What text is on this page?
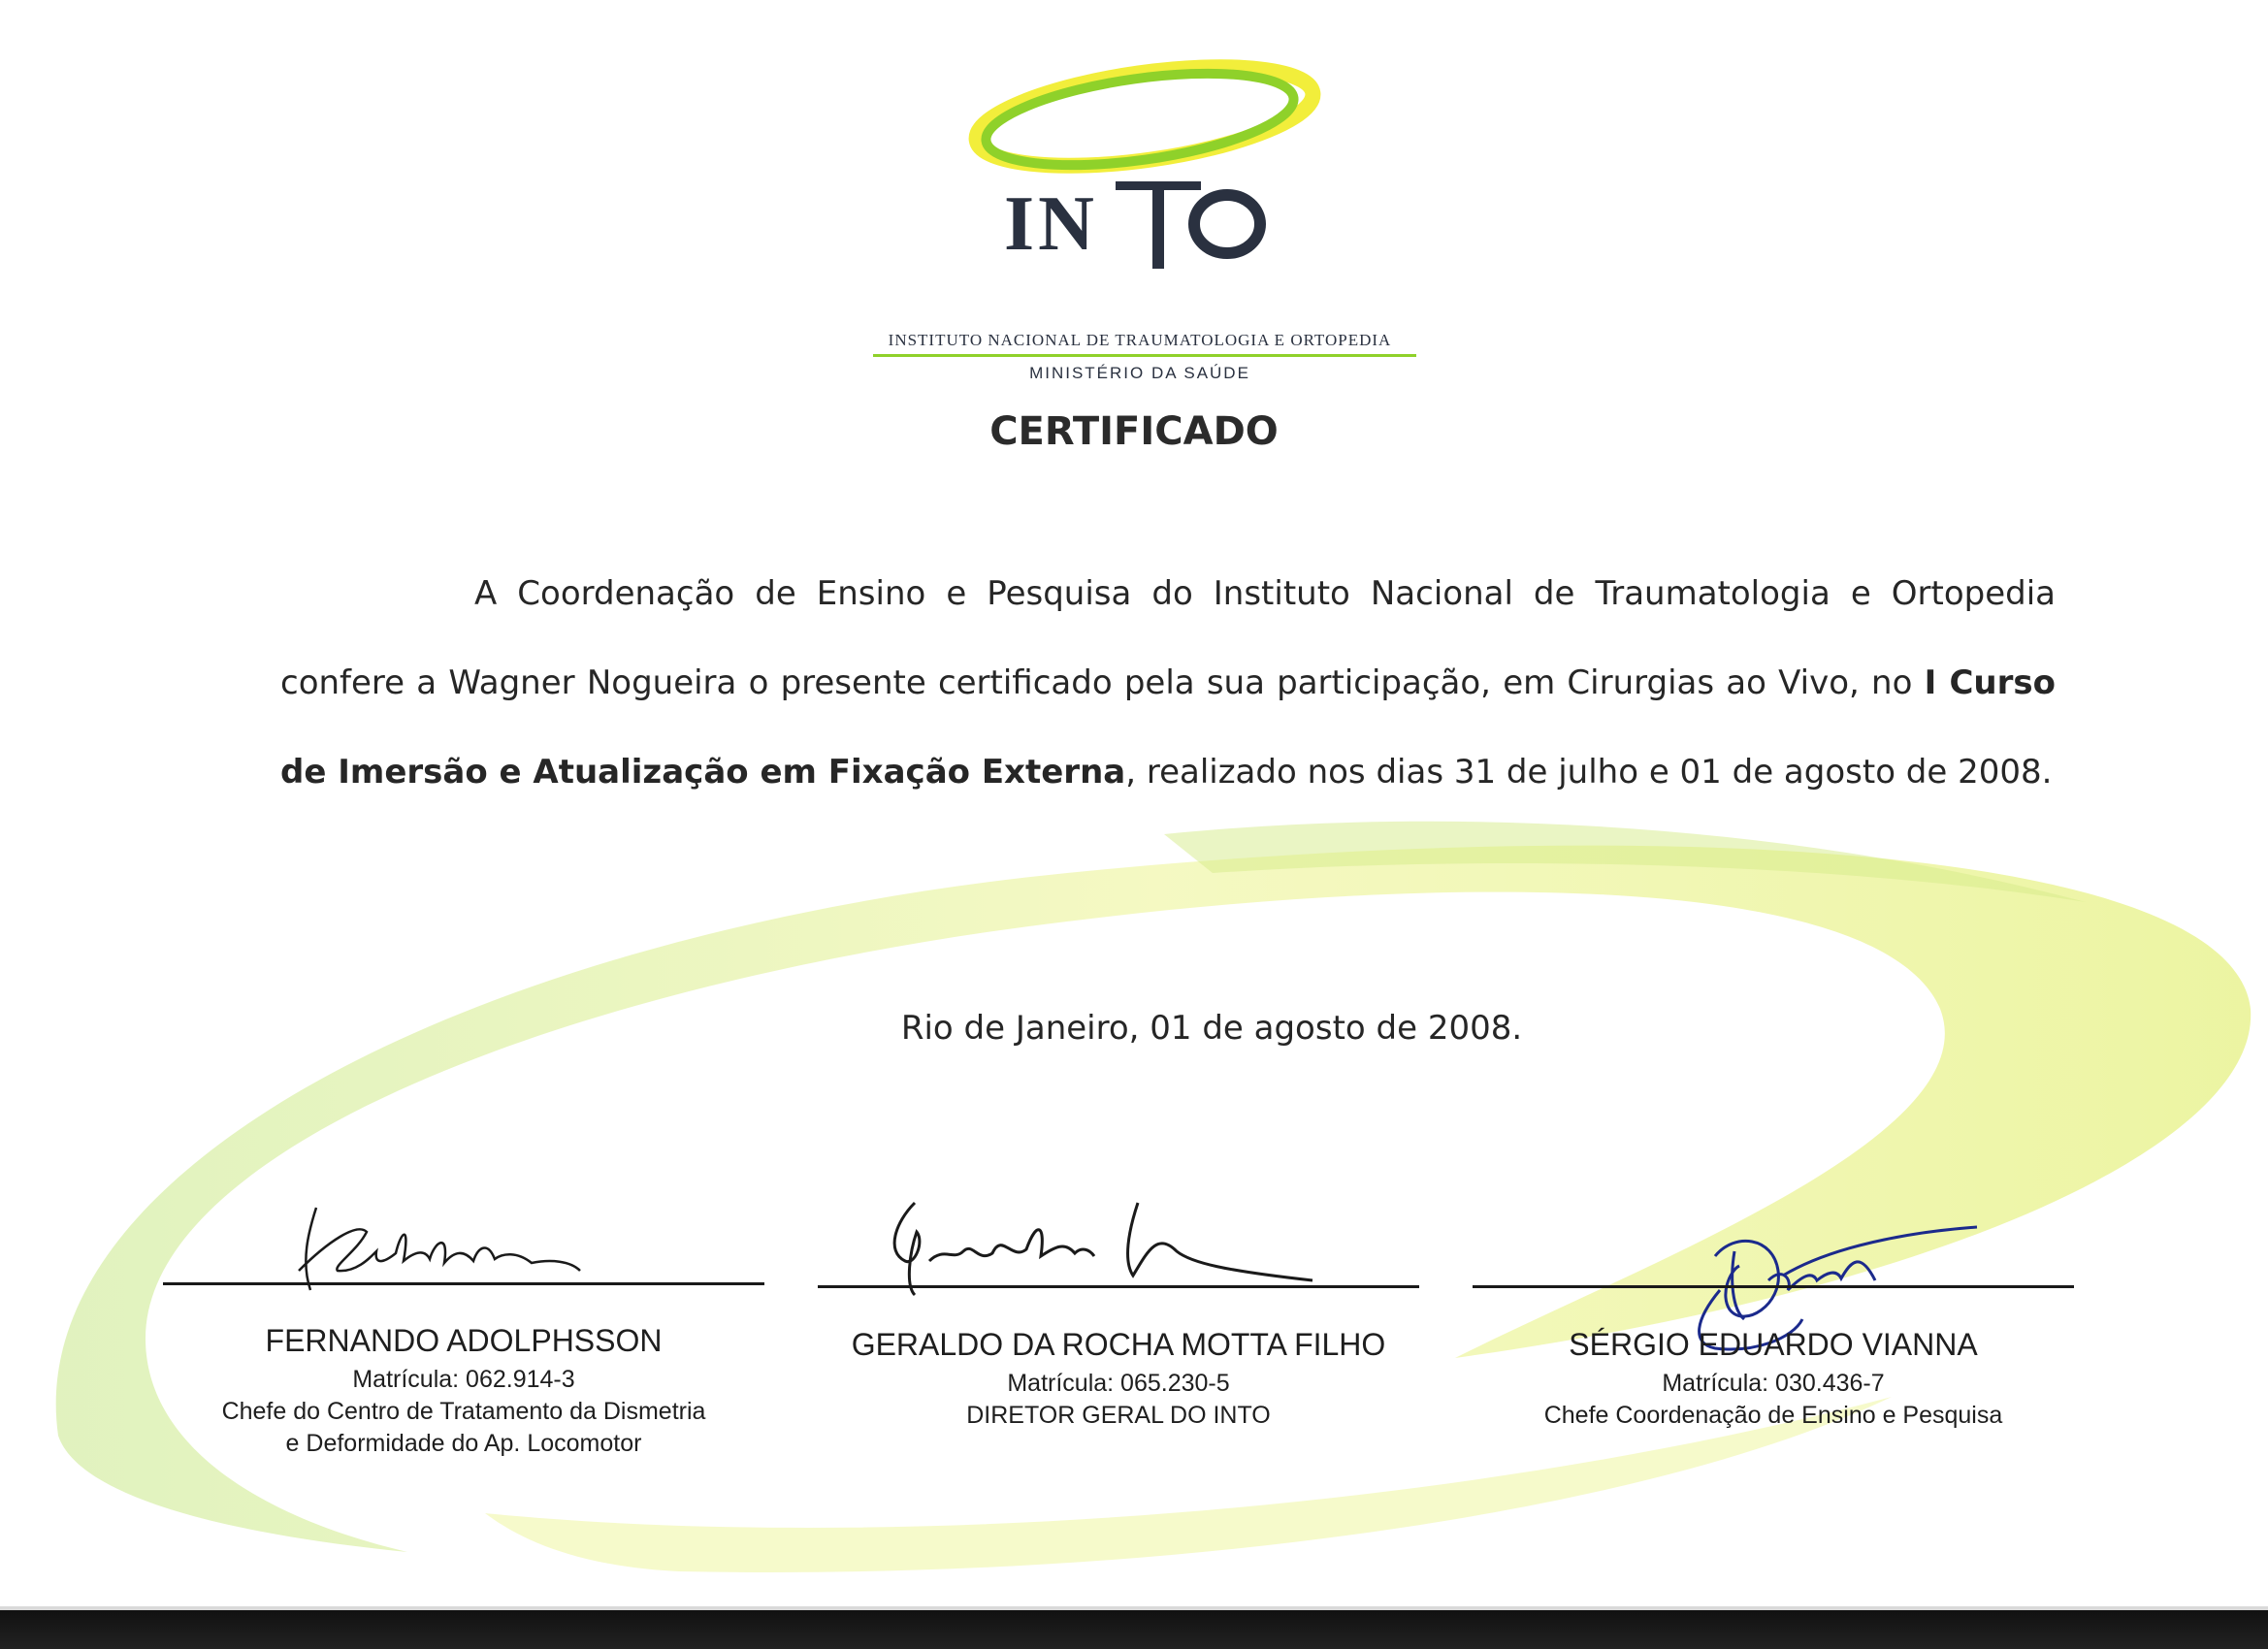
IN
INSTITUTO NACIONAL DE TRAUMATOLOGIA E ORTOPEDIA
MINISTÉRIO DA SAÚDE
CERTIFICADO
A Coordenação de Ensino e Pesquisa do Instituto Nacional de Traumatologia e Ortopedia confere a Wagner Nogueira o presente certificado pela sua participação, em Cirurgias ao Vivo, no I Curso de Imersão e Atualização em Fixação Externa, realizado nos dias 31 de julho e 01 de agosto de 2008.
Rio de Janeiro, 01 de agosto de 2008.
FERNANDO ADOLPHSSON
Matrícula: 062.914-3
Chefe do Centro de Tratamento da Dismetria
e Deformidade do Ap. Locomotor
GERALDO DA ROCHA MOTTA FILHO
Matrícula: 065.230-5
DIRETOR GERAL DO INTO
SÉRGIO EDUARDO VIANNA
Matrícula: 030.436-7
Chefe Coordenação de Ensino e Pesquisa
